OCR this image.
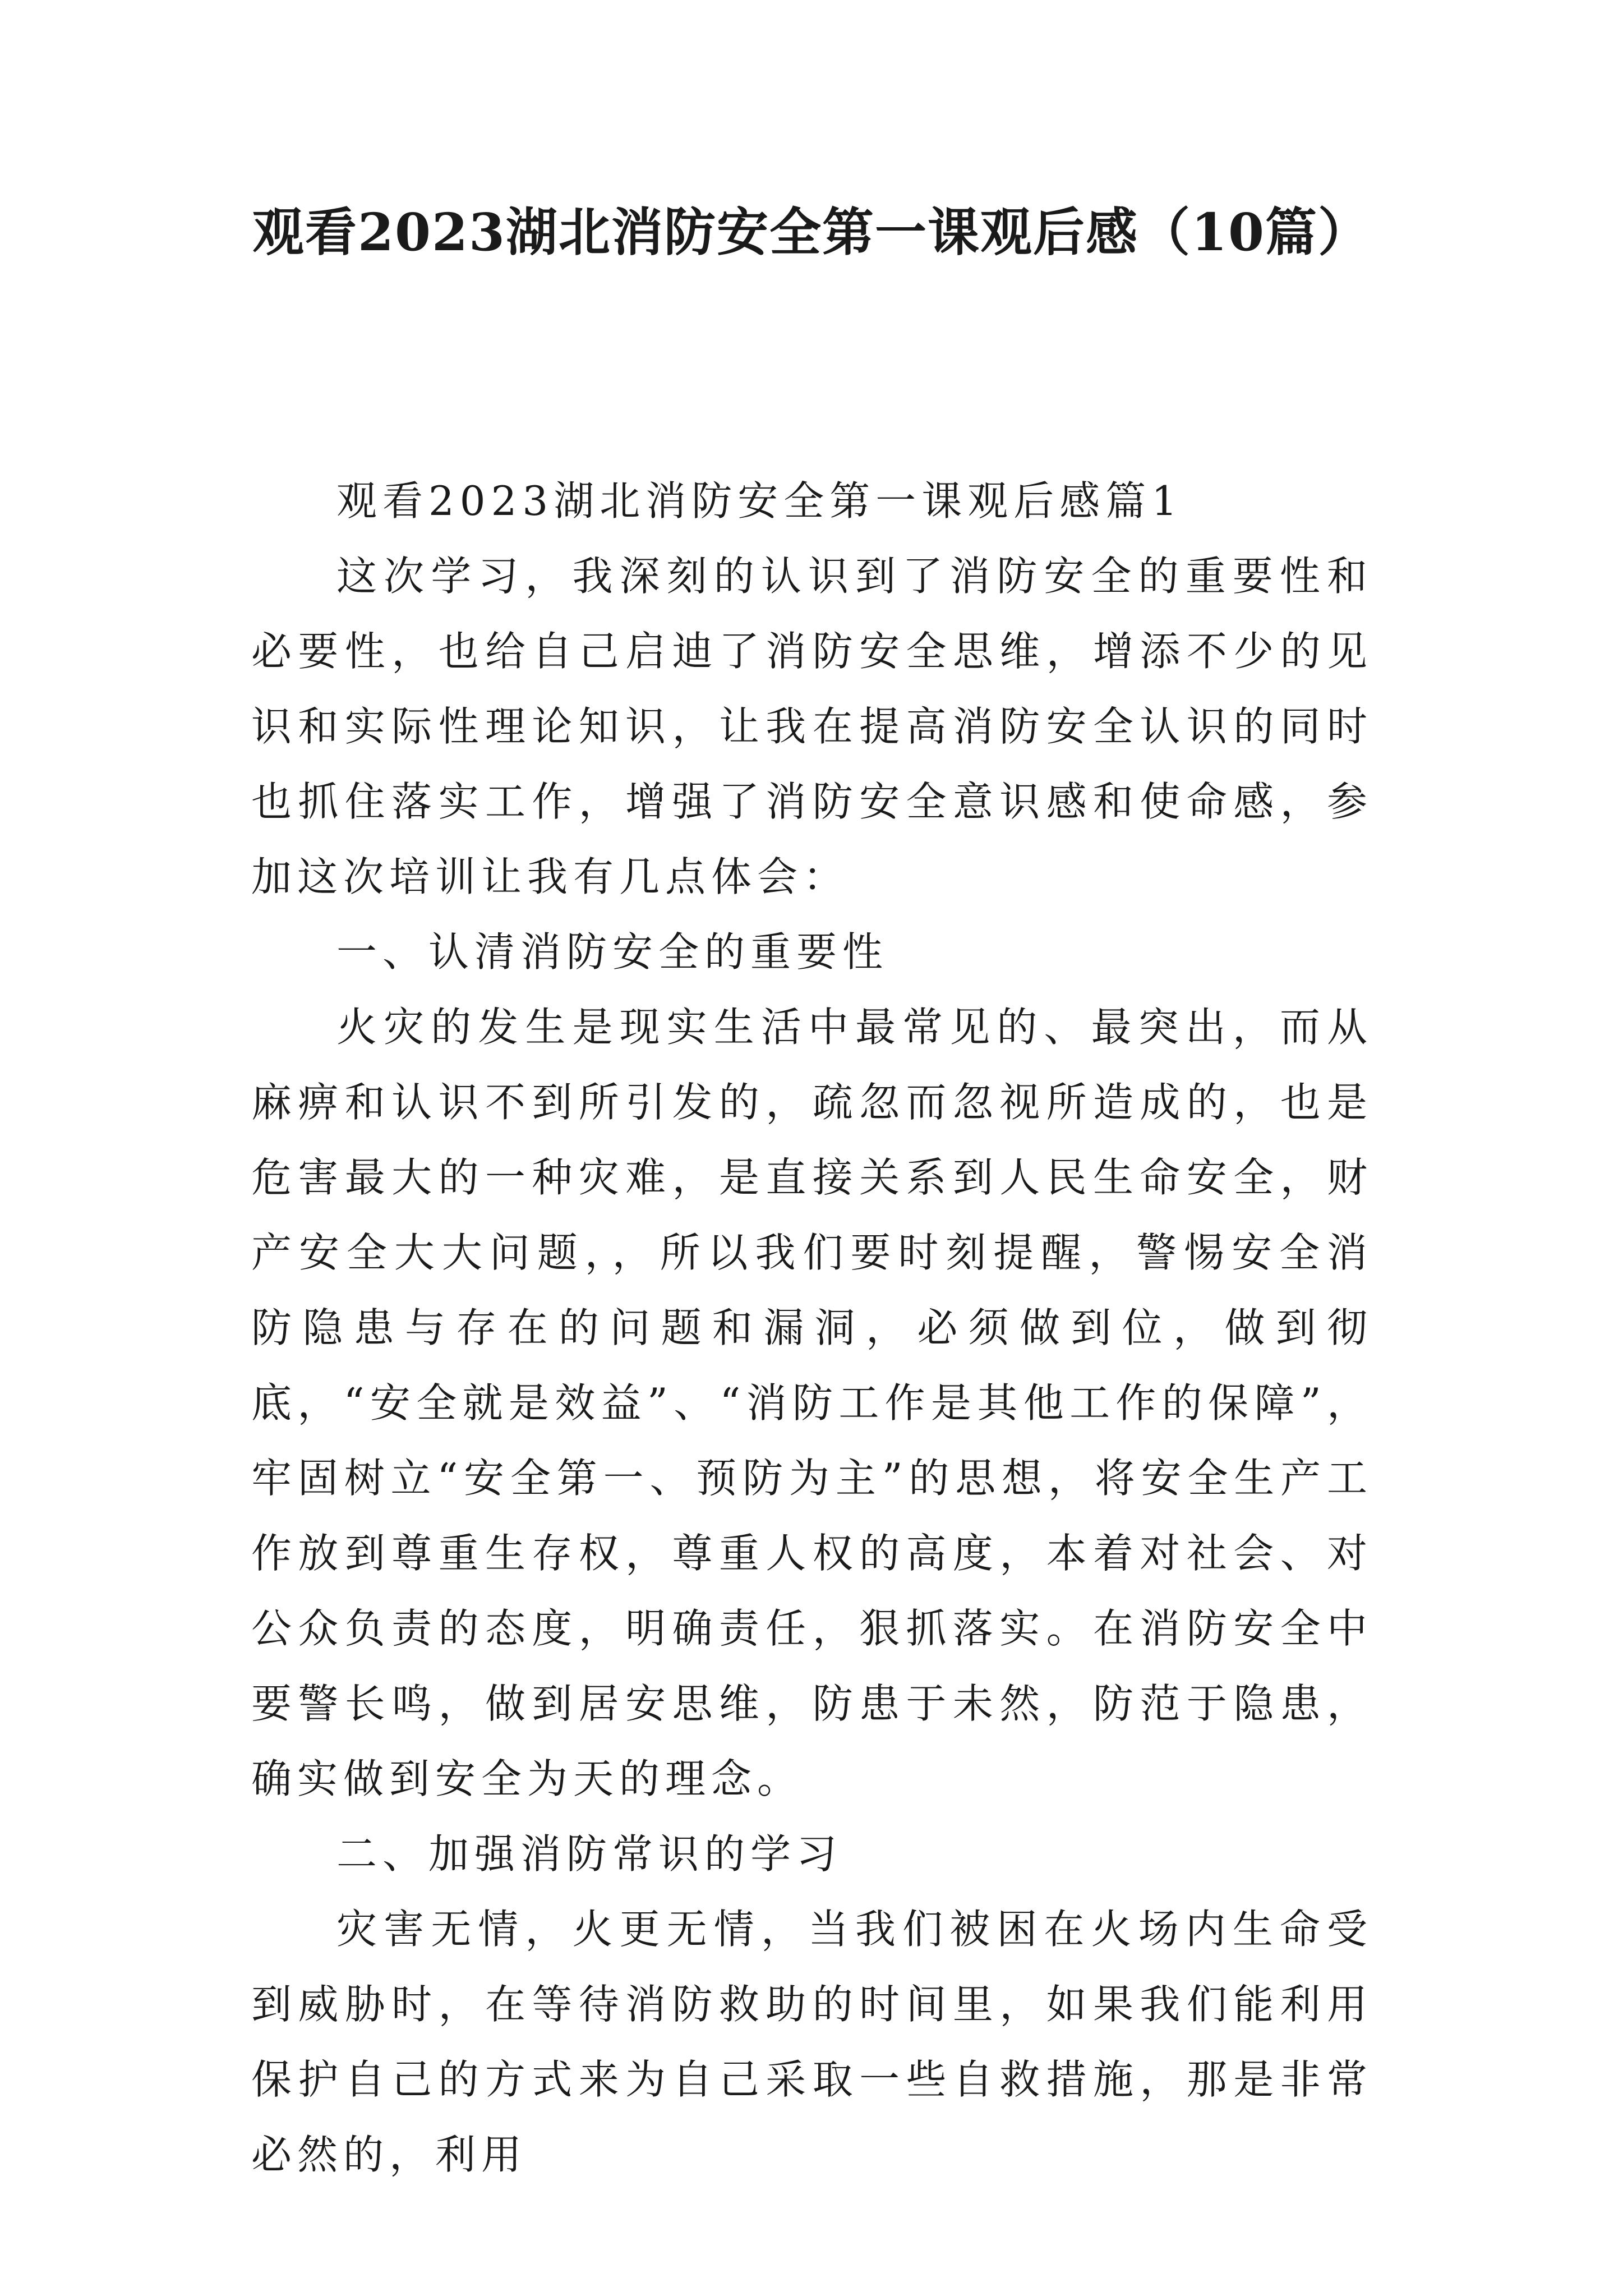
观看2023湖北消防安全第一课观后感（10篇）

观看2023湖北消防安全第一课观后感篇1

这次学习，我深刻的认识到了消防安全的重要性和必要性，也给自己启迪了消防安全思维，增添不少的见识和实际性理论知识，让我在提高消防安全认识的同时也抓住落实工作，增强了消防安全意识感和使命感，参加这次培训让我有几点体会：

一、认清消防安全的重要性

火灾的发生是现实生活中最常见的、最突出，而从麻痹和认识不到所引发的，疏忽而忽视所造成的，也是危害最大的一种灾难，是直接关系到人民生命安全，财产安全大大问题，，所以我们要时刻提醒，警惕安全消防隐患与存在的问题和漏洞，必须做到位，做到彻底，“安全就是效益”、“消防工作是其他工作的保障”，牢固树立“安全第一、预防为主”的思想，将安全生产工作放到尊重生存权，尊重人权的高度，本着对社会、对公众负责的态度，明确责任，狠抓落实。在消防安全中要警长鸣，做到居安思维，防患于未然，防范于隐患，确实做到安全为天的理念。

二、加强消防常识的学习

灾害无情，火更无情，当我们被困在火场内生命受到威胁时，在等待消防救助的时间里，如果我们能利用保护自己的方式来为自己采取一些自救措施，那是非常必然的，利用
